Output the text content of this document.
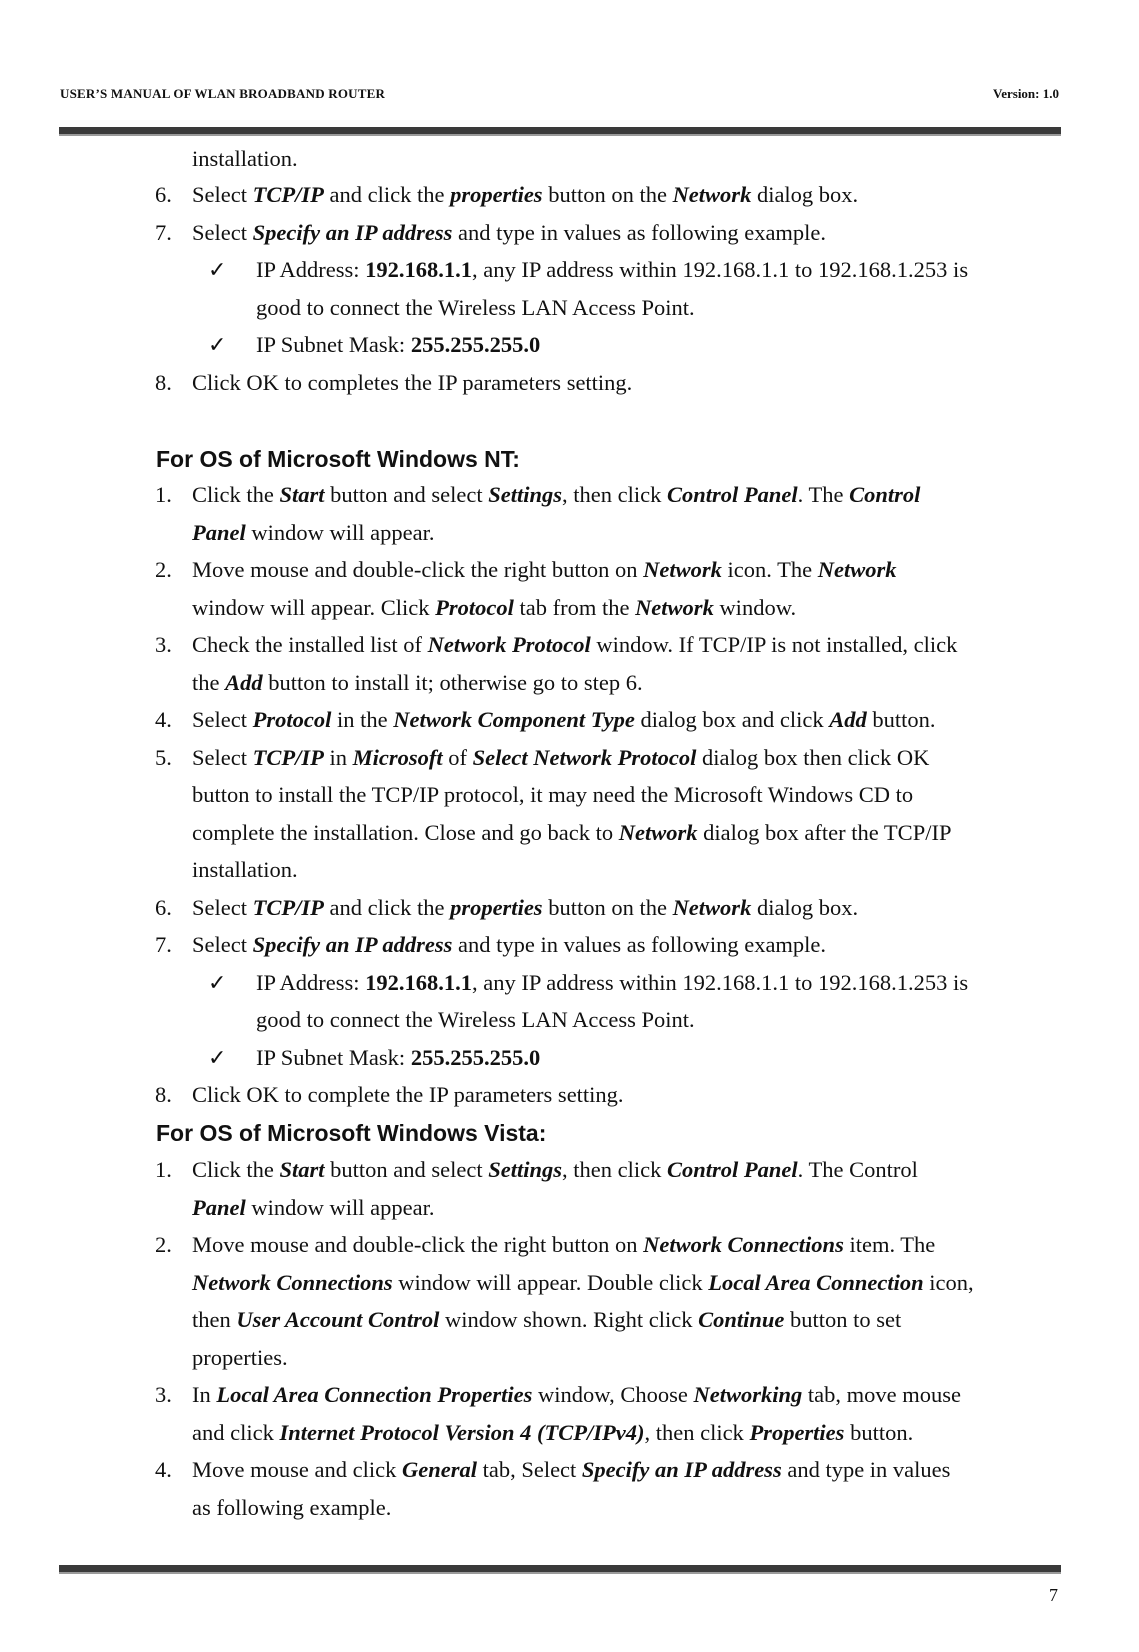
USER’S MANUAL OF WLAN BROADBAND ROUTER	Version: 1.0
installation.
6. Select TCP/IP and click the properties button on the Network dialog box.
7. Select Specify an IP address and type in values as following example.
✓ IP Address: 192.168.1.1, any IP address within 192.168.1.1 to 192.168.1.253 is
good to connect the Wireless LAN Access Point.
✓ IP Subnet Mask: 255.255.255.0
8. Click OK to completes the IP parameters setting.
For OS of Microsoft Windows NT:
1. Click the Start button and select Settings, then click Control Panel. The Control
Panel window will appear.
2. Move mouse and double-click the right button on Network icon. The Network
window will appear. Click Protocol tab from the Network window.
3. Check the installed list of Network Protocol window. If TCP/IP is not installed, click
the Add button to install it; otherwise go to step 6.
4. Select Protocol in the Network Component Type dialog box and click Add button.
5. Select TCP/IP in Microsoft of Select Network Protocol dialog box then click OK
button to install the TCP/IP protocol, it may need the Microsoft Windows CD to
complete the installation. Close and go back to Network dialog box after the TCP/IP
installation.
6. Select TCP/IP and click the properties button on the Network dialog box.
7. Select Specify an IP address and type in values as following example.
✓ IP Address: 192.168.1.1, any IP address within 192.168.1.1 to 192.168.1.253 is
good to connect the Wireless LAN Access Point.
✓ IP Subnet Mask: 255.255.255.0
8. Click OK to complete the IP parameters setting.
For OS of Microsoft Windows Vista:
1. Click the Start button and select Settings, then click Control Panel. The Control
Panel window will appear.
2. Move mouse and double-click the right button on Network Connections item. The
Network Connections window will appear. Double click Local Area Connection icon,
then User Account Control window shown. Right click Continue button to set
properties.
3. In Local Area Connection Properties window, Choose Networking tab, move mouse
and click Internet Protocol Version 4 (TCP/IPv4), then click Properties button.
4. Move mouse and click General tab, Select Specify an IP address and type in values
as following example.
7
